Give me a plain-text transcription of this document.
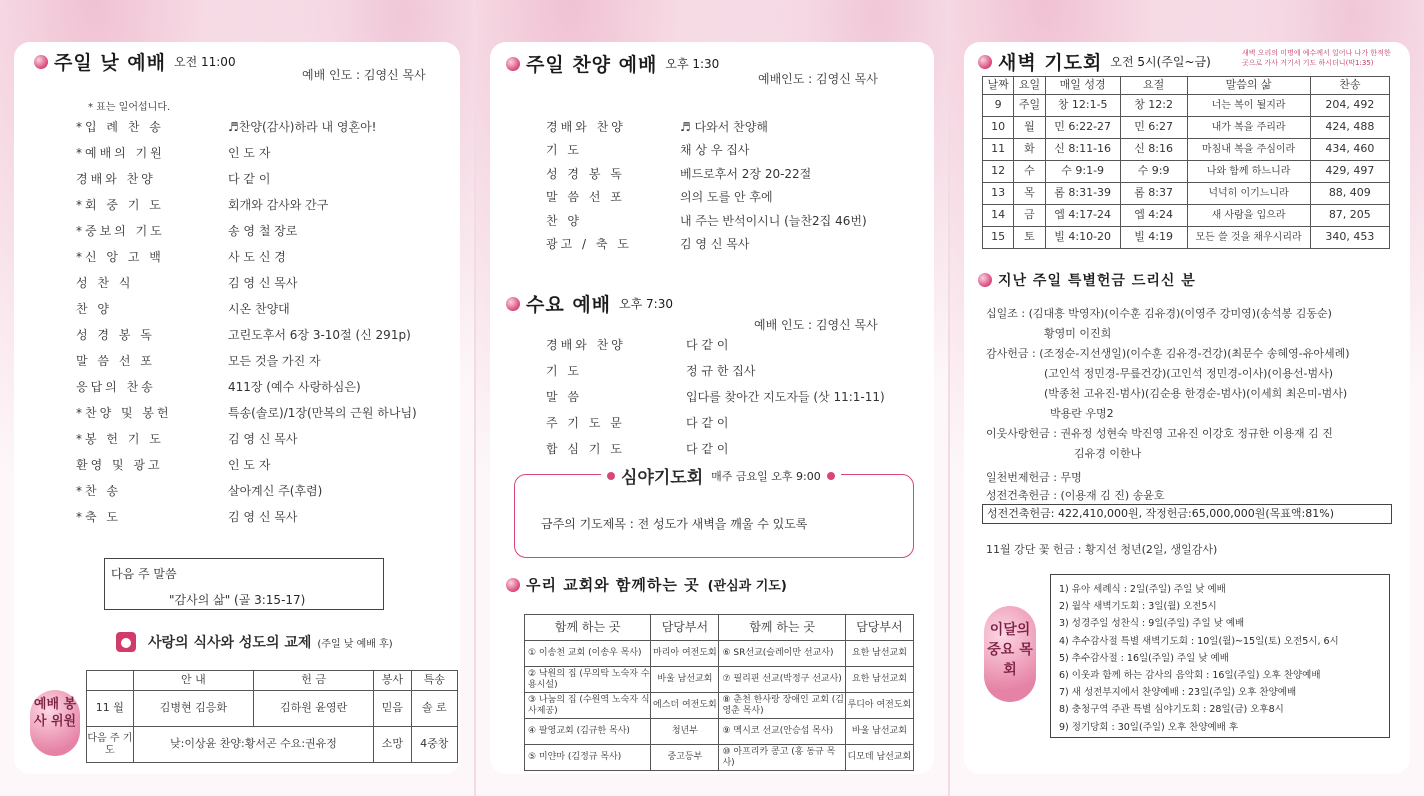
주일 낮 예배 오전 11:00
예배 인도 : 김영신 목사
* 표는 일어섭니다.
*입 례 찬 송	♬찬양(감사)하라 내 영혼아!
*예배의 기원	인 도 자
경배와 찬양	다 같 이
*회 중 기 도	회개와 감사와 간구
*중보의 기도	송 영 철 장로
*신 앙 고 백	사 도 신 경
성 찬 식	김 영 신 목사
찬 양	시온 찬양대
성 경 봉 독	고린도후서 6장 3-10절 (신 291p)
말 씀 선 포	모든 것을 가진 자
응답의 찬송	411장 (예수 사랑하심은)
*찬양 및 봉헌	특송(솔로)/1장(만복의 근원 하나님)
*봉 헌 기 도	김 영 신 목사
환영 및 광고	인 도 자
*찬 송	살아계신 주(후렴)
*축 도	김 영 신 목사
다음 주 말씀
"감사의 삶" (골 3:15-17)
사랑의 식사와 성도의 교제 (주일 낮 예배 후)
예배 봉사 위원
	안 내	헌 금	봉사	특송
11 월	김병현 김응화	김하원 윤영란	믿음	솔 로
다음 주 기 도	낮:이상윤 찬양:황서곤 수요:권유정		소망	4중창
주일 찬양 예배 오후 1:30
예배인도 : 김영신 목사
경배와 찬양	♬ 다와서 찬양해
기 도	채 상 우 집사
성 경 봉 독	베드로후서 2장 20-22절
말 씀 선 포	의의 도를 안 후에
찬 양	내 주는 반석이시니 (늘찬2집 46번)
광고 / 축 도	김 영 신 목사
수요 예배 오후 7:30
예배 인도 : 김영신 목사
경배와 찬양	다 같 이
기 도	정 규 한 집사
말 씀	입다를 찾아간 지도자들 (삿 11:1-11)
주 기 도 문	다 같 이
합 심 기 도	다 같 이
심야기도회 매주 금요일 오후 9:00
금주의 기도제목 : 전 성도가 새벽을 깨울 수 있도록
우리 교회와 함께하는 곳 (관심과 기도)
함께 하는 곳	담당부서	함께 하는 곳	담당부서
① 이송천 교회 (이송우 목사)	마리아 여전도회	⑥ SR선교(슬레이만 선교사)	요한 남선교회
② 낙원의 집 (무의탁 노숙자 수용시설)	바울 남선교회	⑦ 필리핀 선교(박정구 선교사)	요한 남선교회
③ 나눔의 집 (수원역 노숙자 식사제공)	에스더 여전도회	⑧ 춘천 한사랑 장애인 교회 (김영춘 목사)	루디아 여전도회
④ 팔영교회 (김규한 목사)	청년부	⑨ 멕시코 선교(안승섭 목사)	바울 남선교회
⑤ 미얀마 (김정규 목사)	중고등부	⑩ 아프리카 콩고 (홍 동규 목사)	디모데 남선교회
새벽 기도회 오전 5시(주일~금)
새벽 오리의 미명에 예수께서 일어나 나가 한적한 곳으로 가사 거기서 기도 하시더니(막1:35)
날짜	요일	매일 성경	요절	말씀의 삶	찬송
9	주일	창 12:1-5	창 12:2	너는 복이 될지라	204, 492
10	월	민 6:22-27	민 6:27	내가 복을 주리라	424, 488
11	화	신 8:11-16	신 8:16	마침내 복을 주심이라	434, 460
12	수	수 9:1-9	수 9:9	나와 함께 하느니라	429, 497
13	목	롬 8:31-39	롬 8:37	넉넉히 이기느니라	88, 409
14	금	엡 4:17-24	엡 4:24	새 사람을 입으라	87, 205
15	토	빌 4:10-20	빌 4:19	모든 쓸 것을 채우시리라	340, 453
지난 주일 특별헌금 드리신 분
십일조 : (김대흥 박영자)(이수훈 김유경)(이영주 강미영)(송석봉 김동순)
황영미 이진희
감사헌금 : (조정순-지선생일)(이수훈 김유경-건강)(최문수 송혜영-유아세례)
(고인석 정민경-무릎건강)(고인석 정민경-이사)(이용선-범사)
(박종천 고유진-범사)(김순용 한경순-범사)(이세희 최은미-범사)
박용란 우명2
이웃사랑헌금 : 권유정 성현숙 박진영 고유진 이강호 정규한 이용재 김 진
김유경 이한나
일천번제헌금 : 무명
성전건축헌금 : (이용재 김 진) 송윤호
성전건축헌금: 422,410,000원, 작정헌금:65,000,000원(목표액:81%)
11월 강단 꽃 헌금 : 황지선 청년(2일, 생일감사)
이달의 중요 목회
1) 유아 세례식 : 2일(주일) 주일 낮 예배
2) 월삭 새벽기도회 : 3일(월) 오전5시
3) 성경주일 성찬식 : 9일(주일) 주일 낮 예배
4) 추수감사절 특별 새벽기도회 : 10일(월)~15일(토) 오전5시, 6시
5) 추수감사절 : 16일(주일) 주일 낮 예배
6) 이웃과 함께 하는 감사의 음악회 : 16일(주일) 오후 찬양예배
7) 새 성전부지에서 찬양예배 : 23일(주일) 오후 찬양예배
8) 충청구역 주관 특별 심야기도회 : 28일(금) 오후8시
9) 정기당회 : 30일(주일) 오후 찬양예배 후
